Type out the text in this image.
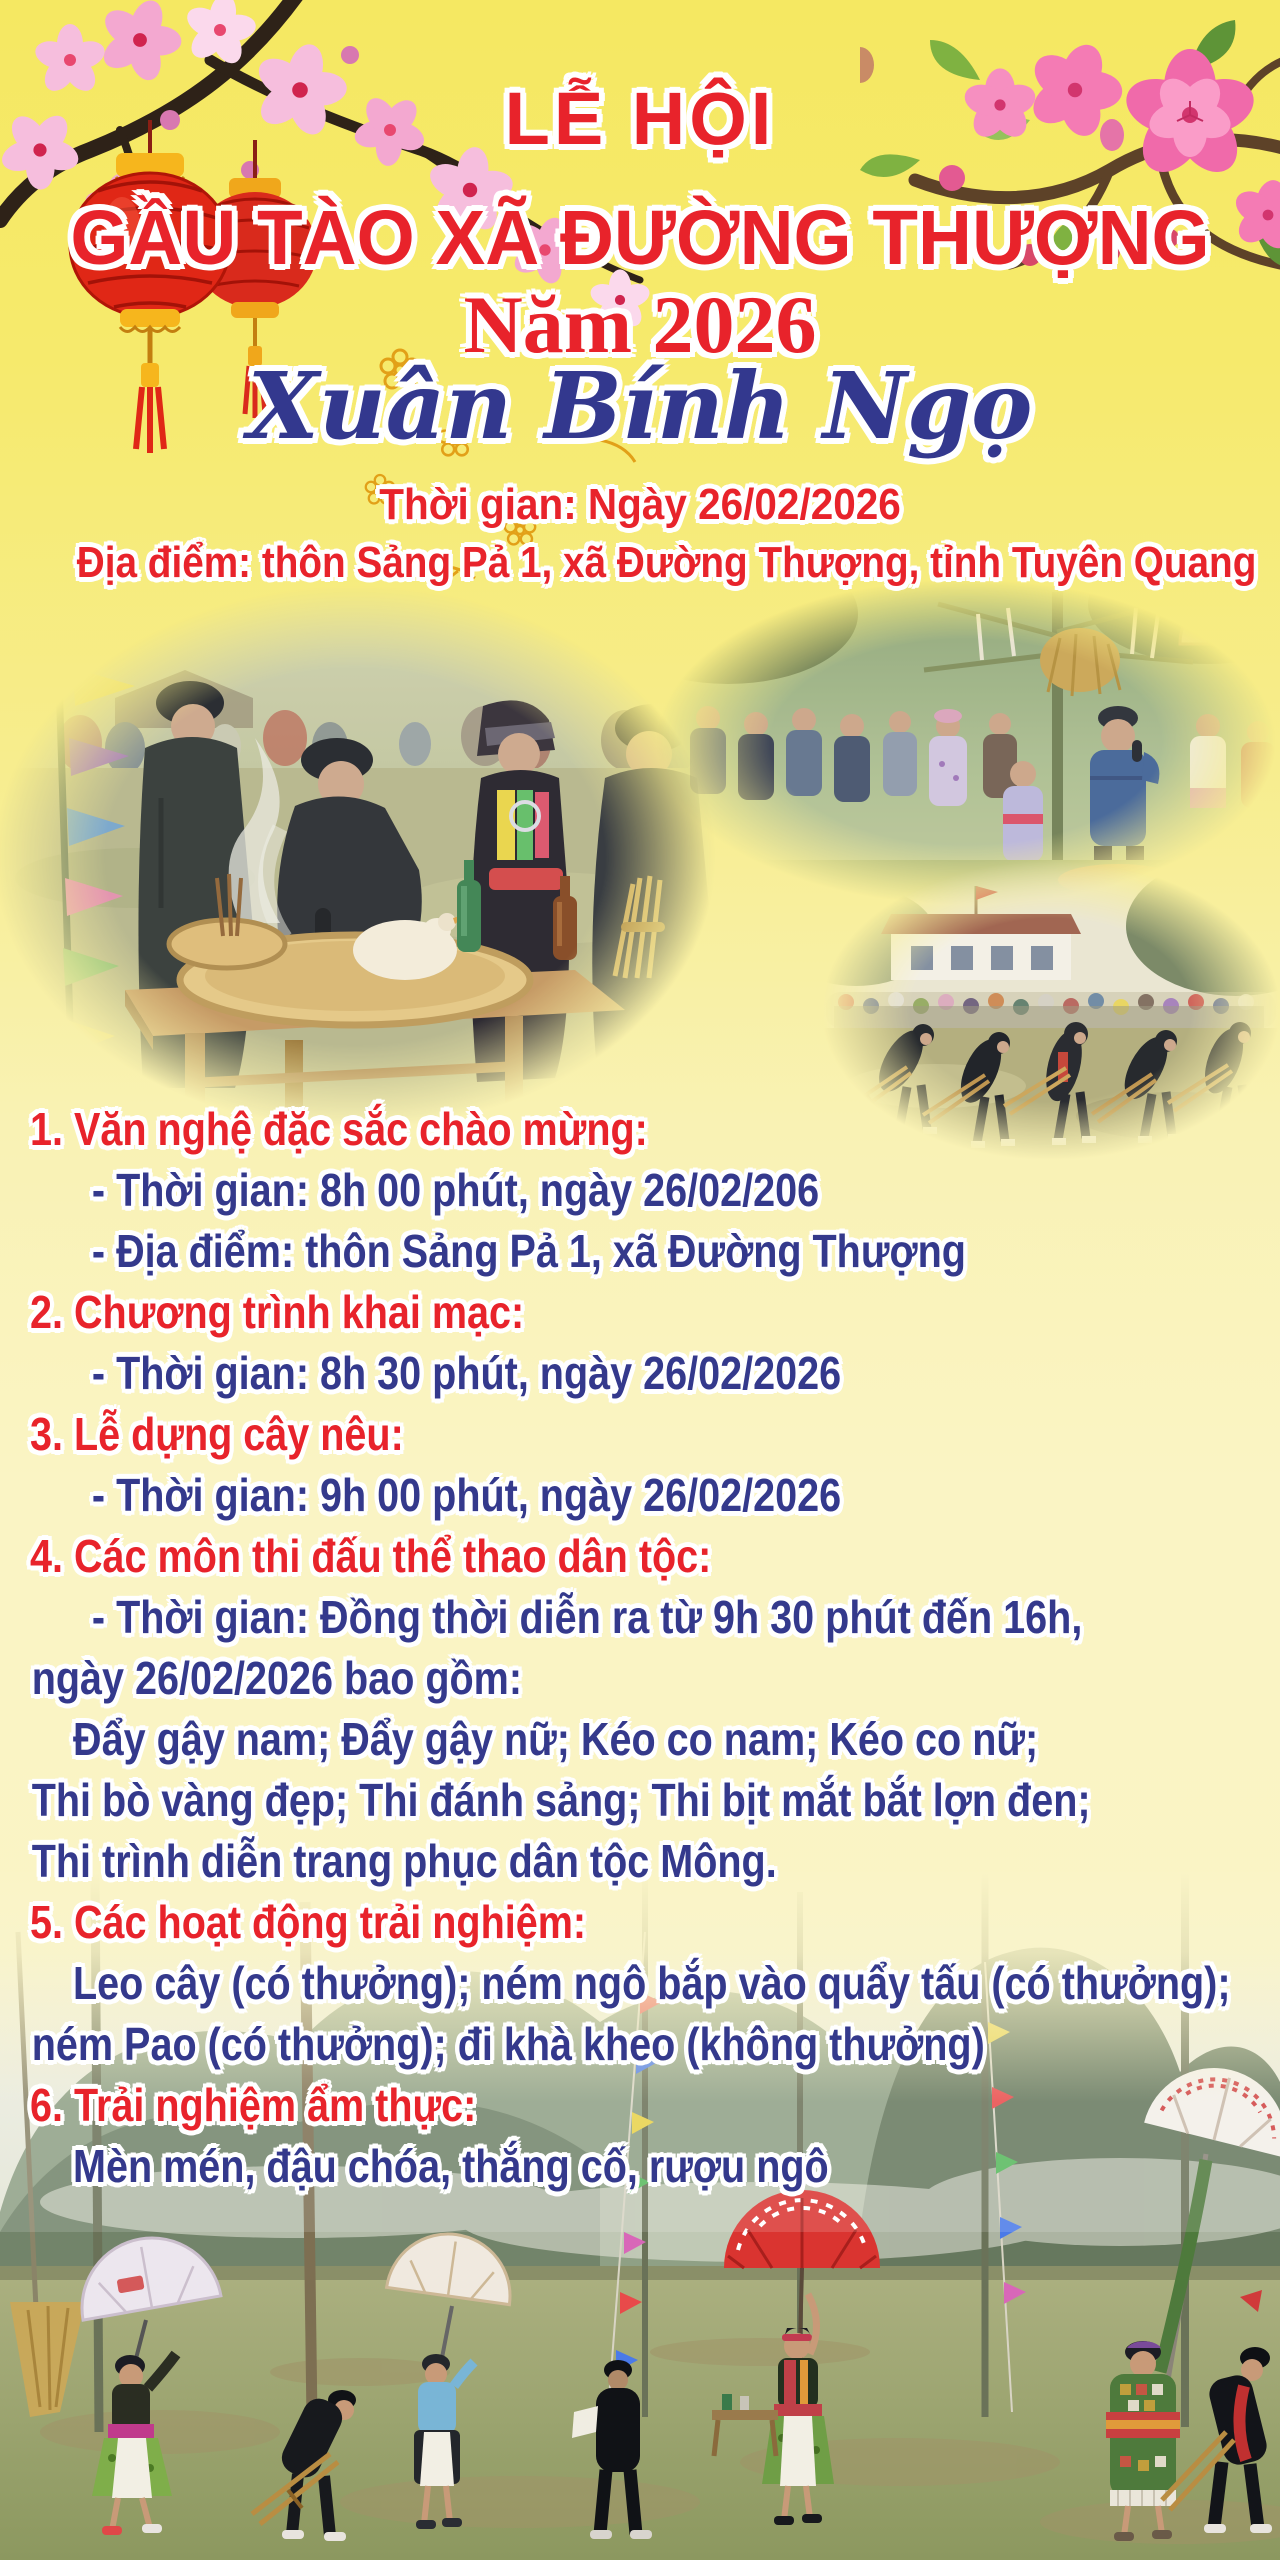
LỄ HỘI
GẦU TÀO XÃ ĐƯỜNG THƯỢNG
Năm 2026
Xuân Bính Ngọ
Thời gian: Ngày 26/02/2026
Địa điểm: thôn Sảng Pả 1, xã Đường Thượng, tỉnh Tuyên Quang
1. Văn nghệ đặc sắc chào mừng:
- Thời gian: 8h 00 phút, ngày 26/02/206
- Địa điểm: thôn Sảng Pả 1, xã Đường Thượng
2. Chương trình khai mạc:
- Thời gian: 8h 30 phút, ngày 26/02/2026
3. Lễ dựng cây nêu:
- Thời gian: 9h 00 phút, ngày 26/02/2026
4. Các môn thi đấu thể thao dân tộc:
- Thời gian: Đồng thời diễn ra từ 9h 30 phút đến 16h,
ngày 26/02/2026 bao gồm:
Đẩy gậy nam; Đẩy gậy nữ; Kéo co nam; Kéo co nữ;
Thi bò vàng đẹp; Thi đánh sảng; Thi bịt mắt bắt lợn đen;
Thi trình diễn trang phục dân tộc Mông.
5. Các hoạt động trải nghiệm:
Leo cây (có thưởng); ném ngô bắp vào quẩy tấu (có thưởng);
ném Pao (có thưởng); đi khà kheo (không thưởng)
6. Trải nghiệm ẩm thực:
Mèn mén, đậu chóa, thắng cố, rượu ngô
